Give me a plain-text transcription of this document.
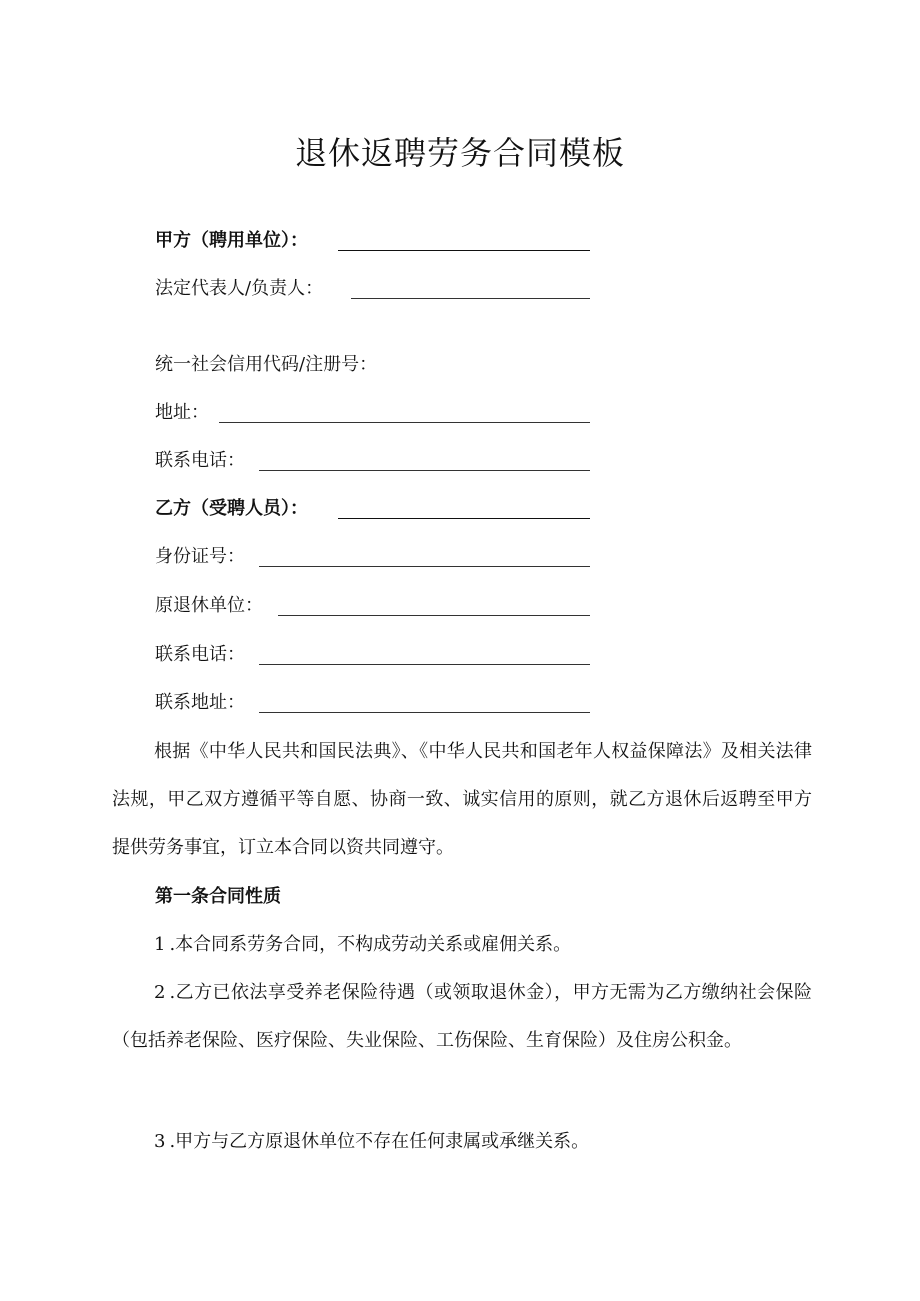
退休返聘劳务合同模板
甲方（聘用单位）：
法定代表人/负责人：
统一社会信用代码/注册号：
地址：
联系电话：
乙方（受聘人员）：
身份证号：
原退休单位：
联系电话：
联系地址：

根据《中华人民共和国民法典》、《中华人民共和国老年人权益保障法》及相关法律法规，甲乙双方遵循平等自愿、协商一致、诚实信用的原则，就乙方退休后返聘至甲方提供劳务事宜，订立本合同以资共同遵守。

第一条合同性质

1 .本合同系劳务合同，不构成劳动关系或雇佣关系。

2 .乙方已依法享受养老保险待遇（或领取退休金），甲方无需为乙方缴纳社会保险（包括养老保险、医疗保险、失业保险、工伤保险、生育保险）及住房公积金。

3 .甲方与乙方原退休单位不存在任何隶属或承继关系。
